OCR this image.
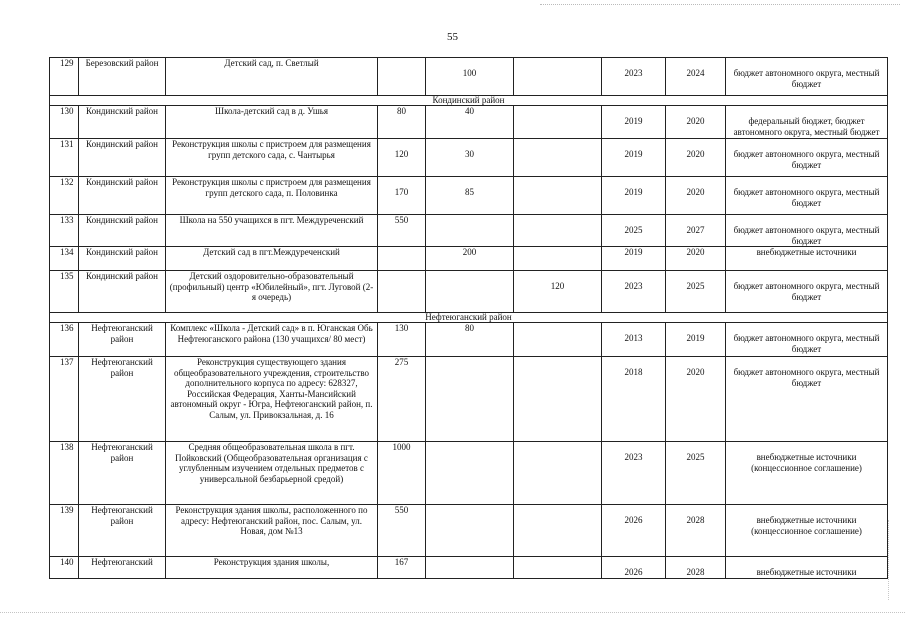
55
129	Березовский район	Детский сад, п. Светлый		100		2023	2024	бюджет автономного округа, местный бюджет
Кондинский район								
130	Кондинский район	Школа-детский сад в д. Ушья	80	40		2019	2020	федеральный бюджет, бюджет автономного округа, местный бюджет
131	Кондинский район	Реконструкция школы с пристроем для размещения групп детского сада, с. Чантырья	120	30		2019	2020	бюджет автономного округа, местный бюджет
132	Кондинский район	Реконструкция школы с пристроем для размещения групп детского сада, п. Половинка	170	85		2019	2020	бюджет автономного округа, местный бюджет
133	Кондинский район	Школа на 550 учащихся в пгт. Междуреченский	550			2025	2027	бюджет автономного округа, местный бюджет
134	Кондинский район	Детский сад в пгт.Междуреченский		200		2019	2020	внебюджетные источники
135	Кондинский район	Детский оздоровительно-образовательный (профильный) центр «Юбилейный», пгт. Луговой (2-я очередь)			120	2023	2025	бюджет автономного округа, местный бюджет
Нефтеюганский район								
136	Нефтеюганский район	Комплекс «Школа - Детский сад» в п. Юганская Обь Нефтеюганского района (130 учащихся/ 80 мест)	130	80		2013	2019	бюджет автономного округа, местный бюджет
137	Нефтеюганский район	Реконструкция существующего здания общеобразовательного учреждения, строительство дополнительного корпуса по адресу: 628327, Российская Федерация, Ханты-Мансийский автономный округ - Югра, Нефтеюганский район, п. Салым, ул. Привокзальная, д. 16	275			2018	2020	бюджет автономного округа, местный бюджет
138	Нефтеюганский район	Средняя общеобразовательная школа в пгт. Пойковский (Общеобразовательная организация с углубленным изучением отдельных предметов с универсальной безбарьерной средой)	1000			2023	2025	внебюджетные источники (концессионное соглашение)
139	Нефтеюганский район	Реконструкция здания школы, расположенного по адресу: Нефтеюганский район, пос. Салым, ул. Новая, дом №13	550			2026	2028	внебюджетные источники (концессионное соглашение)
140	Нефтеюганский	Реконструкция здания школы,	167			2026	2028	внебюджетные источники
